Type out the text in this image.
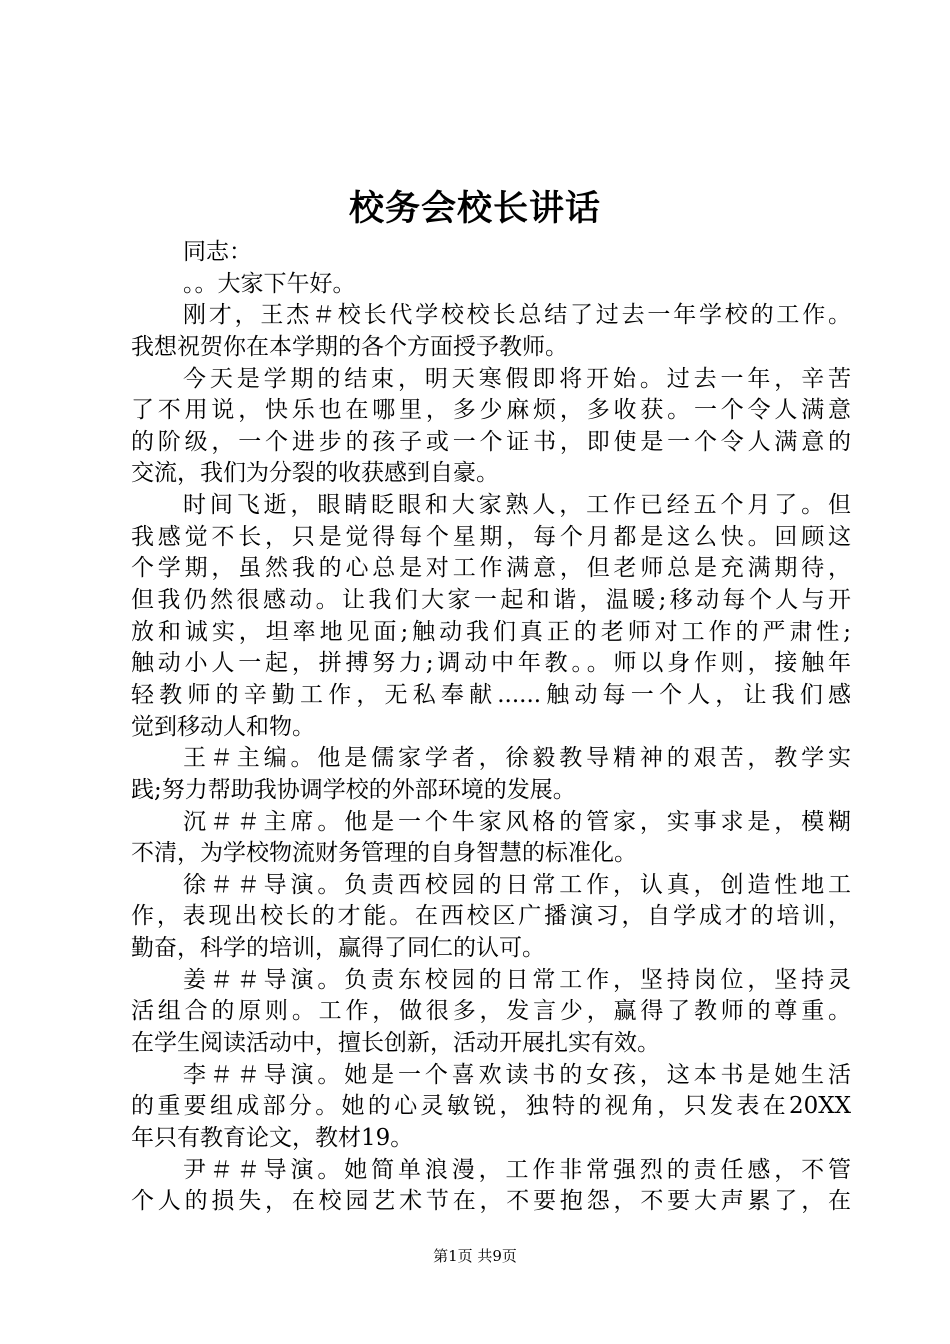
校务会校长讲话
同志：
。。大家下午好。
刚才，王杰＃校长代学校校长总结了过去一年学校的工作。
我想祝贺你在本学期的各个方面授予教师。
今天是学期的结束，明天寒假即将开始。过去一年，辛苦
了不用说，快乐也在哪里，多少麻烦，多收获。一个令人满意
的阶级，一个进步的孩子或一个证书，即使是一个令人满意的
交流，我们为分裂的收获感到自豪。
时间飞逝，眼睛眨眼和大家熟人，工作已经五个月了。但
我感觉不长，只是觉得每个星期，每个月都是这么快。回顾这
个学期，虽然我的心总是对工作满意，但老师总是充满期待，
但我仍然很感动。让我们大家一起和谐，温暖;移动每个人与开
放和诚实，坦率地见面;触动我们真正的老师对工作的严肃性;
触动小人一起，拼搏努力;调动中年教。。师以身作则，接触年
轻教师的辛勤工作，无私奉献......触动每一个人，让我们感
觉到移动人和物。
王＃主编。他是儒家学者，徐毅教导精神的艰苦，教学实
践;努力帮助我协调学校的外部环境的发展。
沉＃＃主席。他是一个牛家风格的管家，实事求是，模糊
不清，为学校物流财务管理的自身智慧的标准化。
徐＃＃导演。负责西校园的日常工作，认真，创造性地工
作，表现出校长的才能。在西校区广播演习，自学成才的培训，
勤奋，科学的培训，赢得了同仁的认可。
姜＃＃导演。负责东校园的日常工作，坚持岗位，坚持灵
活组合的原则。工作，做很多，发言少，赢得了教师的尊重。
在学生阅读活动中，擅长创新，活动开展扎实有效。
李＃＃导演。她是一个喜欢读书的女孩，这本书是她生活
的重要组成部分。她的心灵敏锐，独特的视角，只发表在20XX
年只有教育论文，教材19。
尹＃＃导演。她简单浪漫，工作非常强烈的责任感，不管
个人的损失，在校园艺术节在，不要抱怨，不要大声累了，在
第1页 共9页
